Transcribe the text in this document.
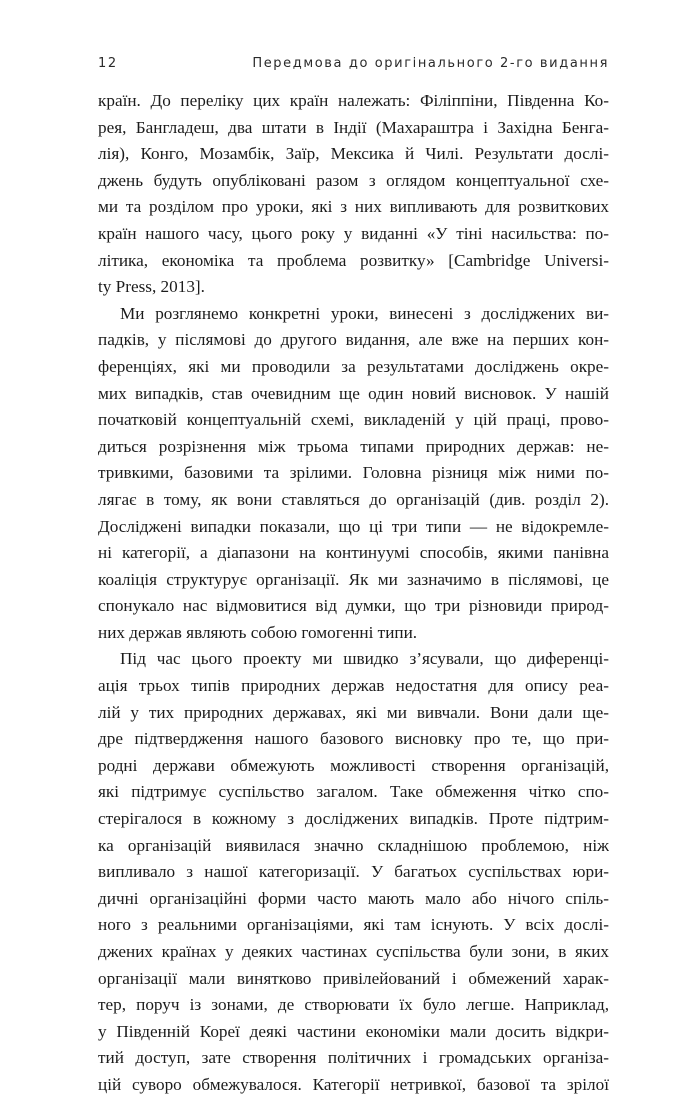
12	Передмова до оригінального 2-го видання
країн. До переліку цих країн належать: Філіппіни, Південна Ко-
рея, Бангладеш, два штати в Індії (Махараштра і Західна Бенга-
лія), Конго, Мозамбік, Заїр, Мексика й Чилі. Результати дослі-
джень будуть опубліковані разом з оглядом концептуальної схе-
ми та розділом про уроки, які з них випливають для розвиткових
країн нашого часу, цього року у виданні «У тіні насильства: по-
літика, економіка та проблема розвитку» [Cambridge Universi-
ty Press, 2013].
Ми розглянемо конкретні уроки, винесені з досліджених ви-
падків, у післямові до другого видання, але вже на перших кон-
ференціях, які ми проводили за результатами досліджень окре-
мих випадків, став очевидним ще один новий висновок. У нашій
початковій концептуальній схемі, викладеній у цій праці, прово-
диться розрізнення між трьома типами природних держав: не-
тривкими, базовими та зрілими. Головна різниця між ними по-
лягає в тому, як вони ставляться до організацій (див. розділ 2).
Досліджені випадки показали, що ці три типи — не відокремле-
ні категорії, а діапазони на континуумі способів, якими панівна
коаліція структурує організації. Як ми зазначимо в післямові, це
спонукало нас відмовитися від думки, що три різновиди природ-
них держав являють собою гомогенні типи.
Під час цього проекту ми швидко з’ясували, що диференці-
ація трьох типів природних держав недостатня для опису реа-
лій у тих природних державах, які ми вивчали. Вони дали ще-
дре підтвердження нашого базового висновку про те, що при-
родні держави обмежують можливості створення організацій,
які підтримує суспільство загалом. Таке обмеження чітко спо-
стерігалося в кожному з досліджених випадків. Проте підтрим-
ка організацій виявилася значно складнішою проблемою, ніж
випливало з нашої категоризації. У багатьох суспільствах юри-
дичні організаційні форми часто мають мало або нічого спіль-
ного з реальними організаціями, які там існують. У всіх дослі-
джених країнах у деяких частинах суспільства були зони, в яких
організації мали винятково привілейований і обмежений харак-
тер, поруч із зонами, де створювати їх було легше. Наприклад,
у Південній Кореї деякі частини економіки мали досить відкри-
тий доступ, зате створення політичних і громадських організа-
цій суворо обмежувалося. Категорії нетривкої, базової та зрілої
